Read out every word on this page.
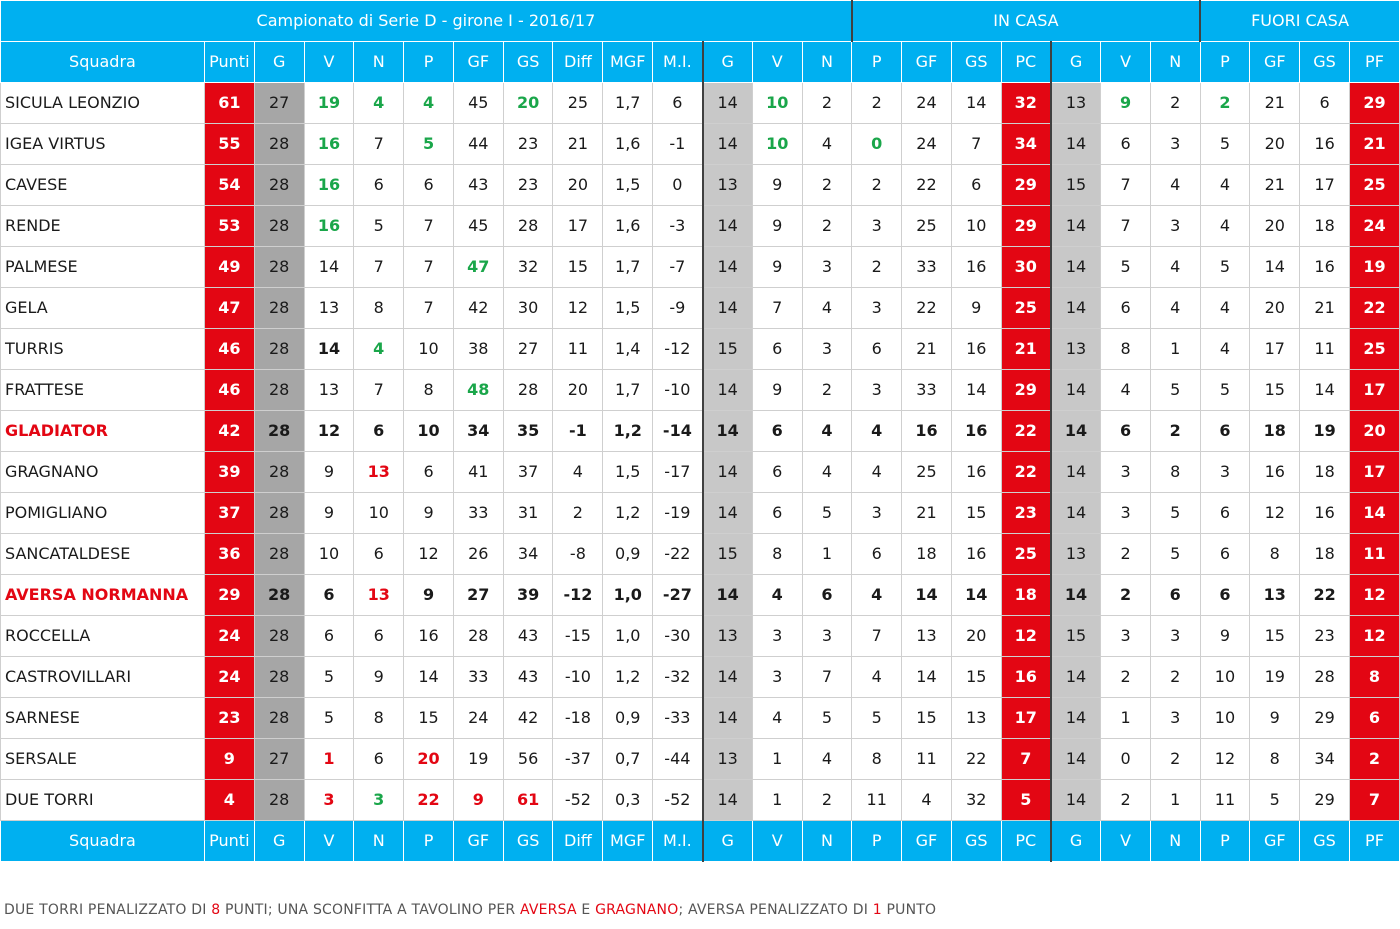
Campionato di Serie D - girone I - 2016/17														IN CASA							FUORI CASA			
Squadra	Punti	G	V	N	P	GF	GS	Diff	MGF	M.I.	G	V	N	P	GF	GS	PC	G	V	N	P	GF	GS	PF
SICULA LEONZIO	61	27	19	4	4	45	20	25	1,7	6	14	10	2	2	24	14	32	13	9	2	2	21	6	29
IGEA VIRTUS	55	28	16	7	5	44	23	21	1,6	-1	14	10	4	0	24	7	34	14	6	3	5	20	16	21
CAVESE	54	28	16	6	6	43	23	20	1,5	0	13	9	2	2	22	6	29	15	7	4	4	21	17	25
RENDE	53	28	16	5	7	45	28	17	1,6	-3	14	9	2	3	25	10	29	14	7	3	4	20	18	24
PALMESE	49	28	14	7	7	47	32	15	1,7	-7	14	9	3	2	33	16	30	14	5	4	5	14	16	19
GELA	47	28	13	8	7	42	30	12	1,5	-9	14	7	4	3	22	9	25	14	6	4	4	20	21	22
TURRIS	46	28	14	4	10	38	27	11	1,4	-12	15	6	3	6	21	16	21	13	8	1	4	17	11	25
FRATTESE	46	28	13	7	8	48	28	20	1,7	-10	14	9	2	3	33	14	29	14	4	5	5	15	14	17
GLADIATOR	42	28	12	6	10	34	35	-1	1,2	-14	14	6	4	4	16	16	22	14	6	2	6	18	19	20
GRAGNANO	39	28	9	13	6	41	37	4	1,5	-17	14	6	4	4	25	16	22	14	3	8	3	16	18	17
POMIGLIANO	37	28	9	10	9	33	31	2	1,2	-19	14	6	5	3	21	15	23	14	3	5	6	12	16	14
SANCATALDESE	36	28	10	6	12	26	34	-8	0,9	-22	15	8	1	6	18	16	25	13	2	5	6	8	18	11
AVERSA NORMANNA	29	28	6	13	9	27	39	-12	1,0	-27	14	4	6	4	14	14	18	14	2	6	6	13	22	12
ROCCELLA	24	28	6	6	16	28	43	-15	1,0	-30	13	3	3	7	13	20	12	15	3	3	9	15	23	12
CASTROVILLARI	24	28	5	9	14	33	43	-10	1,2	-32	14	3	7	4	14	15	16	14	2	2	10	19	28	8
SARNESE	23	28	5	8	15	24	42	-18	0,9	-33	14	4	5	5	15	13	17	14	1	3	10	9	29	6
SERSALE	9	27	1	6	20	19	56	-37	0,7	-44	13	1	4	8	11	22	7	14	0	2	12	8	34	2
DUE TORRI	4	28	3	3	22	9	61	-52	0,3	-52	14	1	2	11	4	32	5	14	2	1	11	5	29	7
Squadra	Punti	G	V	N	P	GF	GS	Diff	MGF	M.I.	G	V	N	P	GF	GS	PC	G	V	N	P	GF	GS	PF
DUE TORRI PENALIZZATO DI 8 PUNTI; UNA SCONFITTA A TAVOLINO PER AVERSA E GRAGNANO; AVERSA PENALIZZATO DI 1 PUNTO
